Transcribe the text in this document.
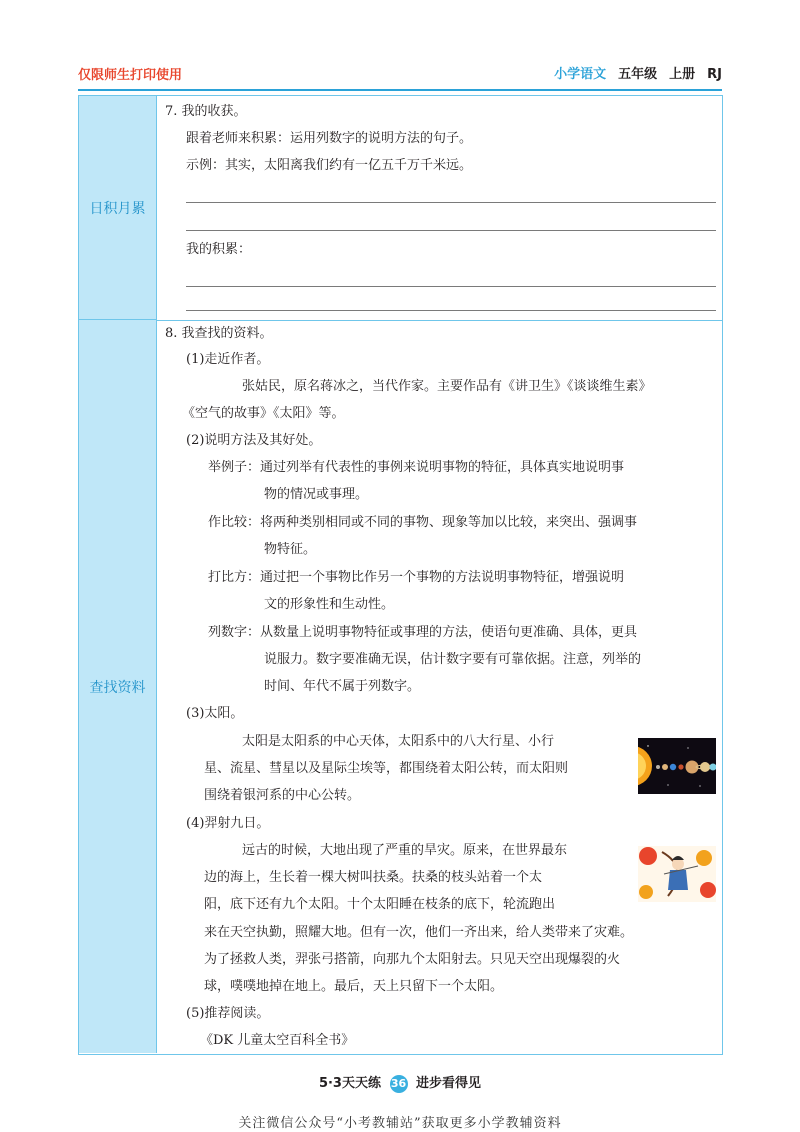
仅限师生打印使用	小学语文 五年级 上册 RJ
日积月累
查找资料
7. 我的收获。
跟着老师来积累：运用列数字的说明方法的句子。
示例：其实，太阳离我们约有一亿五千万千米远。
我的积累：
8. 我查找的资料。
(1)走近作者。
张姑民，原名蒋冰之，当代作家。主要作品有《讲卫生》《谈谈维生素》
《空气的故事》《太阳》等。
(2)说明方法及其好处。
举例子：通过列举有代表性的事例来说明事物的特征，具体真实地说明事
物的情况或事理。
作比较：将两种类别相同或不同的事物、现象等加以比较，来突出、强调事
物特征。
打比方：通过把一个事物比作另一个事物的方法说明事物特征，增强说明
文的形象性和生动性。
列数字：从数量上说明事物特征或事理的方法，使语句更准确、具体，更具
说服力。数字要准确无误，估计数字要有可靠依据。注意，列举的
时间、年代不属于列数字。
(3)太阳。
太阳是太阳系的中心天体，太阳系中的八大行星、小行
星、流星、彗星以及星际尘埃等，都围绕着太阳公转，而太阳则
围绕着银河系的中心公转。
(4)羿射九日。
远古的时候，大地出现了严重的旱灾。原来，在世界最东
边的海上，生长着一棵大树叫扶桑。扶桑的枝头站着一个太
阳，底下还有九个太阳。十个太阳睡在枝条的底下，轮流跑出
来在天空执勤，照耀大地。但有一次，他们一齐出来，给人类带来了灾难。
为了拯救人类，羿张弓搭箭，向那九个太阳射去。只见天空出现爆裂的火
球，噗噗地掉在地上。最后，天上只留下一个太阳。
(5)推荐阅读。
《DK 儿童太空百科全书》
5·3天天练 36 进步看得见
关注微信公众号“小考教辅站”获取更多小学教辅资料
